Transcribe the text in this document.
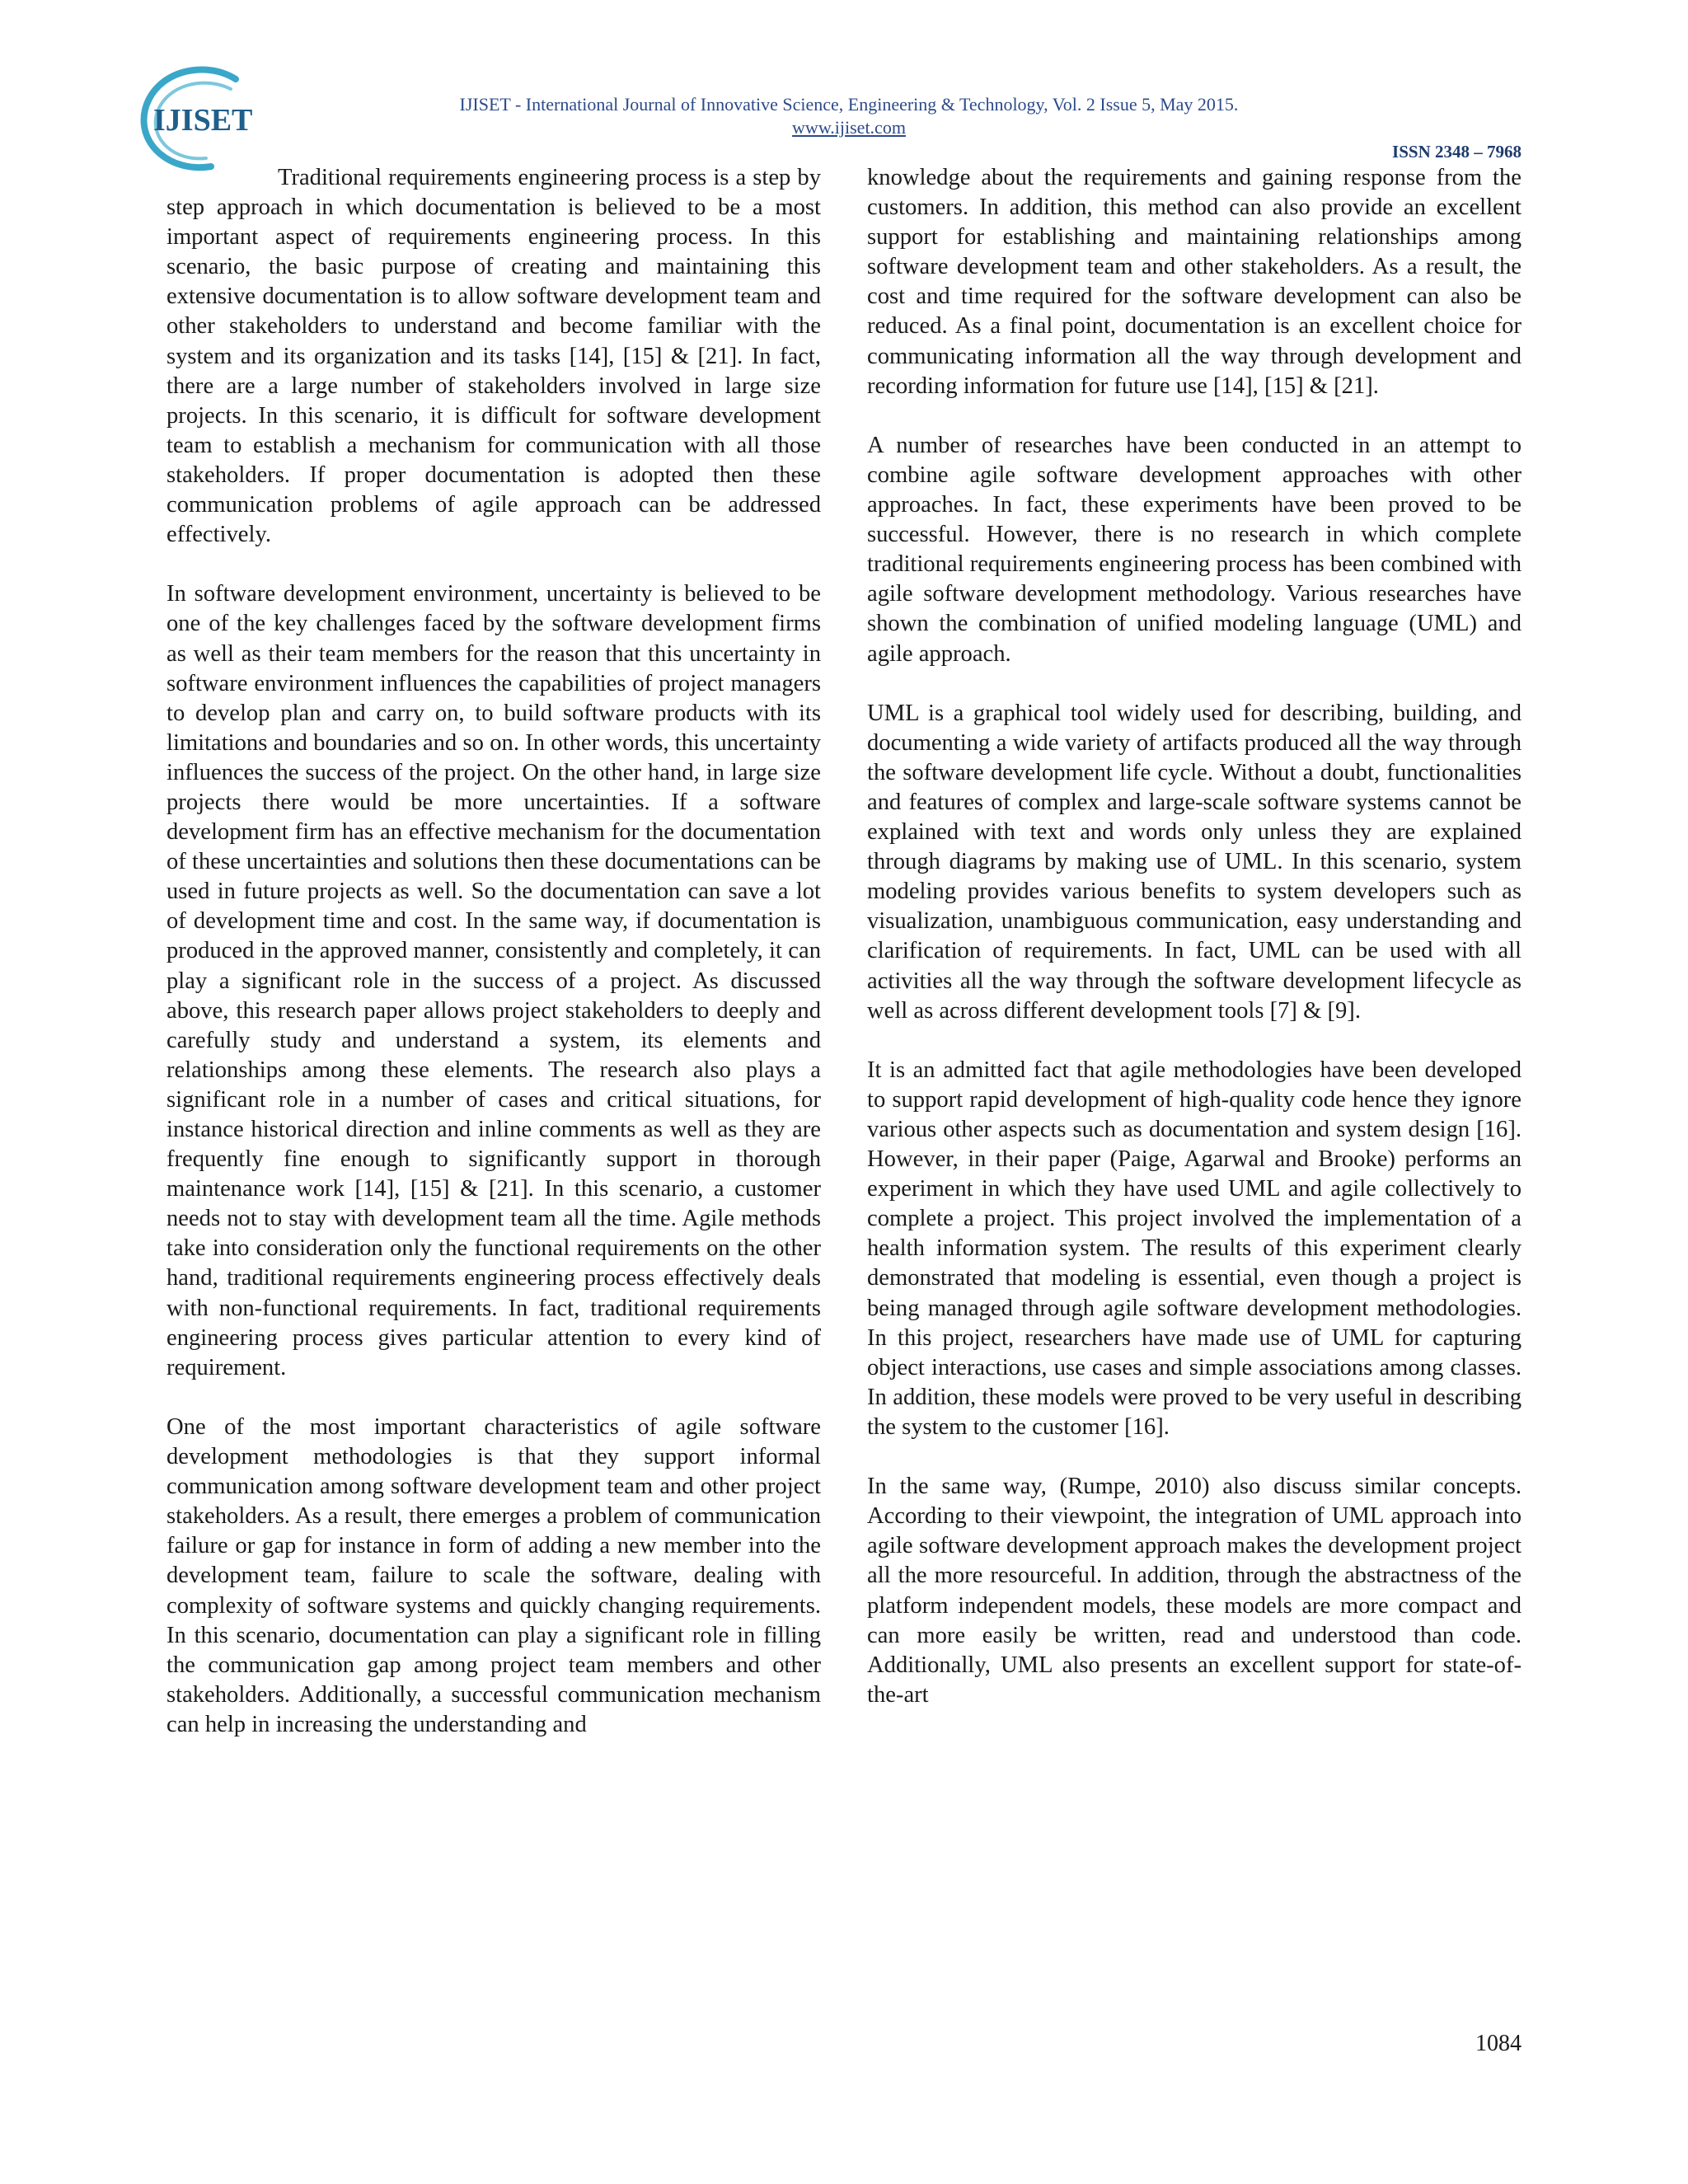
IJISET	IJISET - International Journal of Innovative Science, Engineering & Technology, Vol. 2 Issue 5, May 2015.
www.ijiset.com
ISSN 2348 – 7968

Traditional requirements engineering process is a step by step approach in which documentation is believed to be a most important aspect of requirements engineering process. In this scenario, the basic purpose of creating and maintaining this extensive documentation is to allow software development team and other stakeholders to understand and become familiar with the system and its organization and its tasks [14], [15] & [21]. In fact, there are a large number of stakeholders involved in large size projects. In this scenario, it is difficult for software development team to establish a mechanism for communication with all those stakeholders. If proper documentation is adopted then these communication problems of agile approach can be addressed effectively.

In software development environment, uncertainty is believed to be one of the key challenges faced by the software development firms as well as their team members for the reason that this uncertainty in software environment influences the capabilities of project managers to develop plan and carry on, to build software products with its limitations and boundaries and so on. In other words, this uncertainty influences the success of the project. On the other hand, in large size projects there would be more uncertainties. If a software development firm has an effective mechanism for the documentation of these uncertainties and solutions then these documentations can be used in future projects as well. So the documentation can save a lot of development time and cost. In the same way, if documentation is produced in the approved manner, consistently and completely, it can play a significant role in the success of a project. As discussed above, this research paper allows project stakeholders to deeply and carefully study and understand a system, its elements and relationships among these elements. The research also plays a significant role in a number of cases and critical situations, for instance historical direction and inline comments as well as they are frequently fine enough to significantly support in thorough maintenance work [14], [15] & [21]. In this scenario, a customer needs not to stay with development team all the time. Agile methods take into consideration only the functional requirements on the other hand, traditional requirements engineering process effectively deals with non-functional requirements. In fact, traditional requirements engineering process gives particular attention to every kind of requirement.

One of the most important characteristics of agile software development methodologies is that they support informal communication among software development team and other project stakeholders. As a result, there emerges a problem of communication failure or gap for instance in form of adding a new member into the development team, failure to scale the software, dealing with complexity of software systems and quickly changing requirements. In this scenario, documentation can play a significant role in filling the communication gap among project team members and other stakeholders. Additionally, a successful communication mechanism can help in increasing the understanding and

knowledge about the requirements and gaining response from the customers. In addition, this method can also provide an excellent support for establishing and maintaining relationships among software development team and other stakeholders. As a result, the cost and time required for the software development can also be reduced. As a final point, documentation is an excellent choice for communicating information all the way through development and recording information for future use [14], [15] & [21].

A number of researches have been conducted in an attempt to combine agile software development approaches with other approaches. In fact, these experiments have been proved to be successful. However, there is no research in which complete traditional requirements engineering process has been combined with agile software development methodology. Various researches have shown the combination of unified modeling language (UML) and agile approach.

UML is a graphical tool widely used for describing, building, and documenting a wide variety of artifacts produced all the way through the software development life cycle. Without a doubt, functionalities and features of complex and large-scale software systems cannot be explained with text and words only unless they are explained through diagrams by making use of UML. In this scenario, system modeling provides various benefits to system developers such as visualization, unambiguous communication, easy understanding and clarification of requirements. In fact, UML can be used with all activities all the way through the software development lifecycle as well as across different development tools [7] & [9].

It is an admitted fact that agile methodologies have been developed to support rapid development of high-quality code hence they ignore various other aspects such as documentation and system design [16]. However, in their paper (Paige, Agarwal and Brooke) performs an experiment in which they have used UML and agile collectively to complete a project. This project involved the implementation of a health information system. The results of this experiment clearly demonstrated that modeling is essential, even though a project is being managed through agile software development methodologies. In this project, researchers have made use of UML for capturing object interactions, use cases and simple associations among classes. In addition, these models were proved to be very useful in describing the system to the customer [16].

In the same way, (Rumpe, 2010) also discuss similar concepts. According to their viewpoint, the integration of UML approach into agile software development approach makes the development project all the more resourceful. In addition, through the abstractness of the platform independent models, these models are more compact and can more easily be written, read and understood than code. Additionally, UML also presents an excellent support for state-of-the-art

1084
